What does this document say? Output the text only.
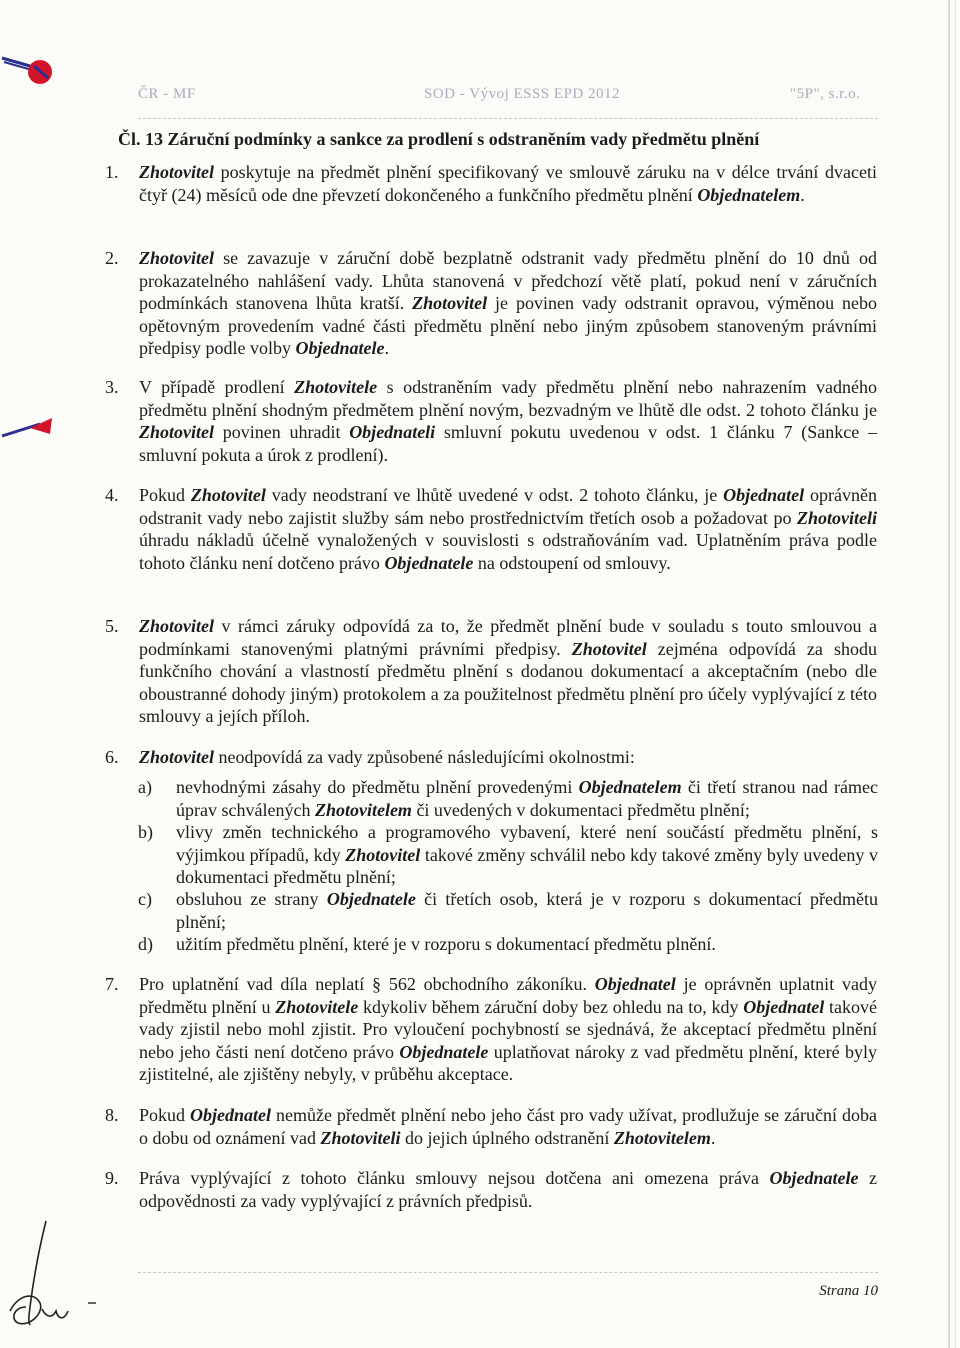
ČR - MF	SOD - Vývoj ESSS EPD 2012	"5P", s.r.o.
Čl. 13 Záruční podmínky a sankce za prodlení s odstraněním vady předmětu plnění
1. Zhotovitel poskytuje na předmět plnění specifikovaný ve smlouvě záruku na v délce trvání dvaceti čtyř (24) měsíců ode dne převzetí dokončeného a funkčního předmětu plnění Objednatelem.
2. Zhotovitel se zavazuje v záruční době bezplatně odstranit vady předmětu plnění do 10 dnů od prokazatelného nahlášení vady. Lhůta stanovená v předchozí větě platí, pokud není v záručních podmínkách stanovena lhůta kratší. Zhotovitel je povinen vady odstranit opravou, výměnou nebo opětovným provedením vadné části předmětu plnění nebo jiným způsobem stanoveným právními předpisy podle volby Objednatele.
3. V případě prodlení Zhotovitele s odstraněním vady předmětu plnění nebo nahrazením vadného předmětu plnění shodným předmětem plnění novým, bezvadným ve lhůtě dle odst. 2 tohoto článku je Zhotovitel povinen uhradit Objednateli smluvní pokutu uvedenou v odst. 1 článku 7 (Sankce – smluvní pokuta a úrok z prodlení).
4. Pokud Zhotovitel vady neodstraní ve lhůtě uvedené v odst. 2 tohoto článku, je Objednatel oprávněn odstranit vady nebo zajistit služby sám nebo prostřednictvím třetích osob a požadovat po Zhotoviteli úhradu nákladů účelně vynaložených v souvislosti s odstraňováním vad. Uplatněním práva podle tohoto článku není dotčeno právo Objednatele na odstoupení od smlouvy.
5. Zhotovitel v rámci záruky odpovídá za to, že předmět plnění bude v souladu s touto smlouvou a podmínkami stanovenými platnými právními předpisy. Zhotovitel zejména odpovídá za shodu funkčního chování a vlastností předmětu plnění s dodanou dokumentací a akceptačním (nebo dle oboustranné dohody jiným) protokolem a za použitelnost předmětu plnění pro účely vyplývající z této smlouvy a jejích příloh.
6. Zhotovitel neodpovídá za vady způsobené následujícími okolnostmi:
a) nevhodnými zásahy do předmětu plnění provedenými Objednatelem či třetí stranou nad rámec úprav schválených Zhotovitelem či uvedených v dokumentaci předmětu plnění;
b) vlivy změn technického a programového vybavení, které není součástí předmětu plnění, s výjimkou případů, kdy Zhotovitel takové změny schválil nebo kdy takové změny byly uvedeny v dokumentaci předmětu plnění;
c) obsluhou ze strany Objednatele či třetích osob, která je v rozporu s dokumentací předmětu plnění;
d) užitím předmětu plnění, které je v rozporu s dokumentací předmětu plnění.
7. Pro uplatnění vad díla neplatí § 562 obchodního zákoníku. Objednatel je oprávněn uplatnit vady předmětu plnění u Zhotovitele kdykoliv během záruční doby bez ohledu na to, kdy Objednatel takové vady zjistil nebo mohl zjistit. Pro vyloučení pochybností se sjednává, že akceptací předmětu plnění nebo jeho části není dotčeno právo Objednatele uplatňovat nároky z vad předmětu plnění, které byly zjistitelné, ale zjištěny nebyly, v průběhu akceptace.
8. Pokud Objednatel nemůže předmět plnění nebo jeho část pro vady užívat, prodlužuje se záruční doba o dobu od oznámení vad Zhotoviteli do jejich úplného odstranění Zhotovitelem.
9. Práva vyplývající z tohoto článku smlouvy nejsou dotčena ani omezena práva Objednatele z odpovědnosti za vady vyplývající z právních předpisů.
Strana 10
